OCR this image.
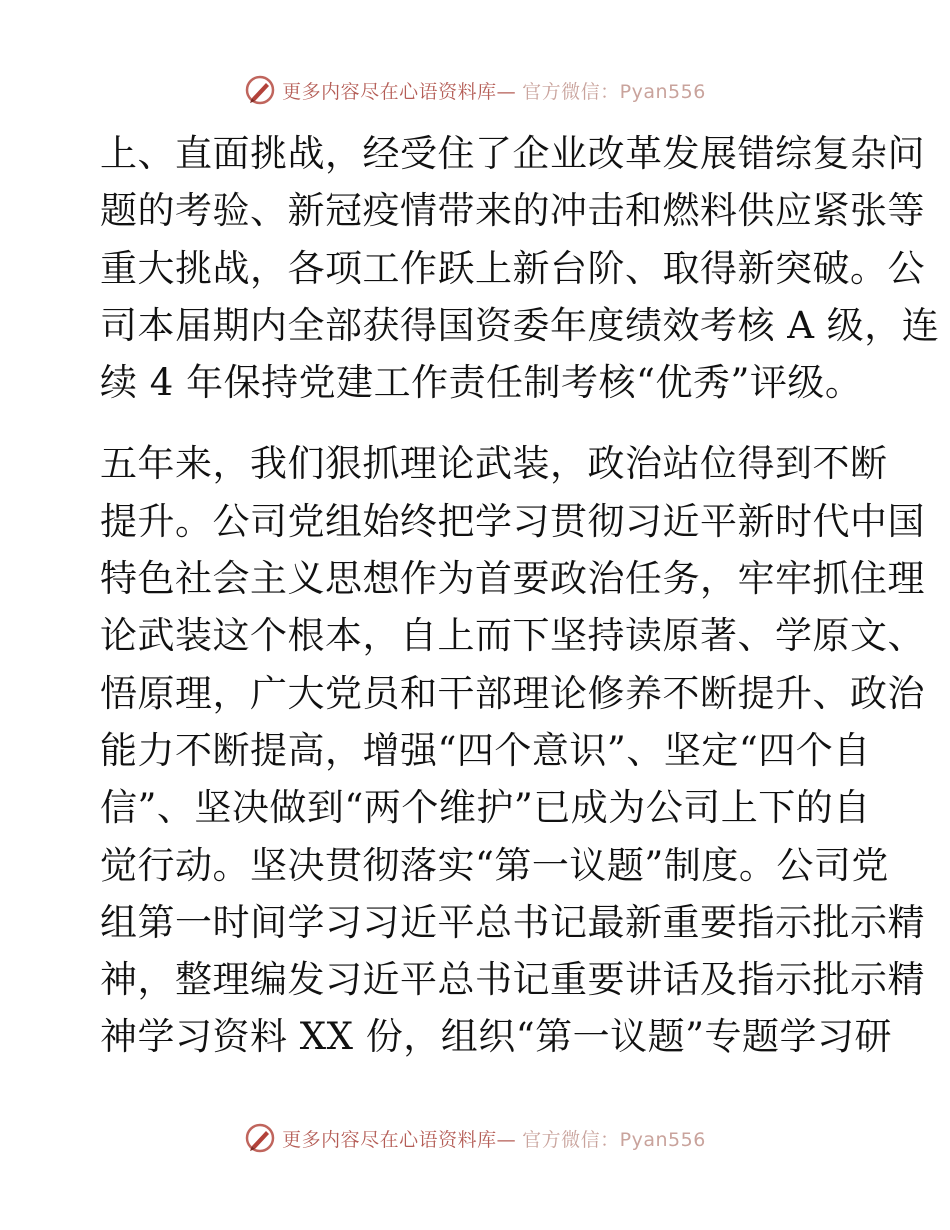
更多内容尽在心语资料库— 官方微信：Pyan556
上、直面挑战，经受住了企业改革发展错综复杂问
题的考验、新冠疫情带来的冲击和燃料供应紧张等
重大挑战，各项工作跃上新台阶、取得新突破。公
司本届期内全部获得国资委年度绩效考核 A 级，连
续 4 年保持党建工作责任制考核“优秀”评级。
五年来，我们狠抓理论武装，政治站位得到不断
提升。公司党组始终把学习贯彻习近平新时代中国
特色社会主义思想作为首要政治任务，牢牢抓住理
论武装这个根本，自上而下坚持读原著、学原文、
悟原理，广大党员和干部理论修养不断提升、政治
能力不断提高，增强“四个意识”、坚定“四个自
信”、坚决做到“两个维护”已成为公司上下的自
觉行动。坚决贯彻落实“第一议题”制度。公司党
组第一时间学习习近平总书记最新重要指示批示精
神，整理编发习近平总书记重要讲话及指示批示精
神学习资料 XX 份，组织“第一议题”专题学习研
更多内容尽在心语资料库— 官方微信：Pyan556
